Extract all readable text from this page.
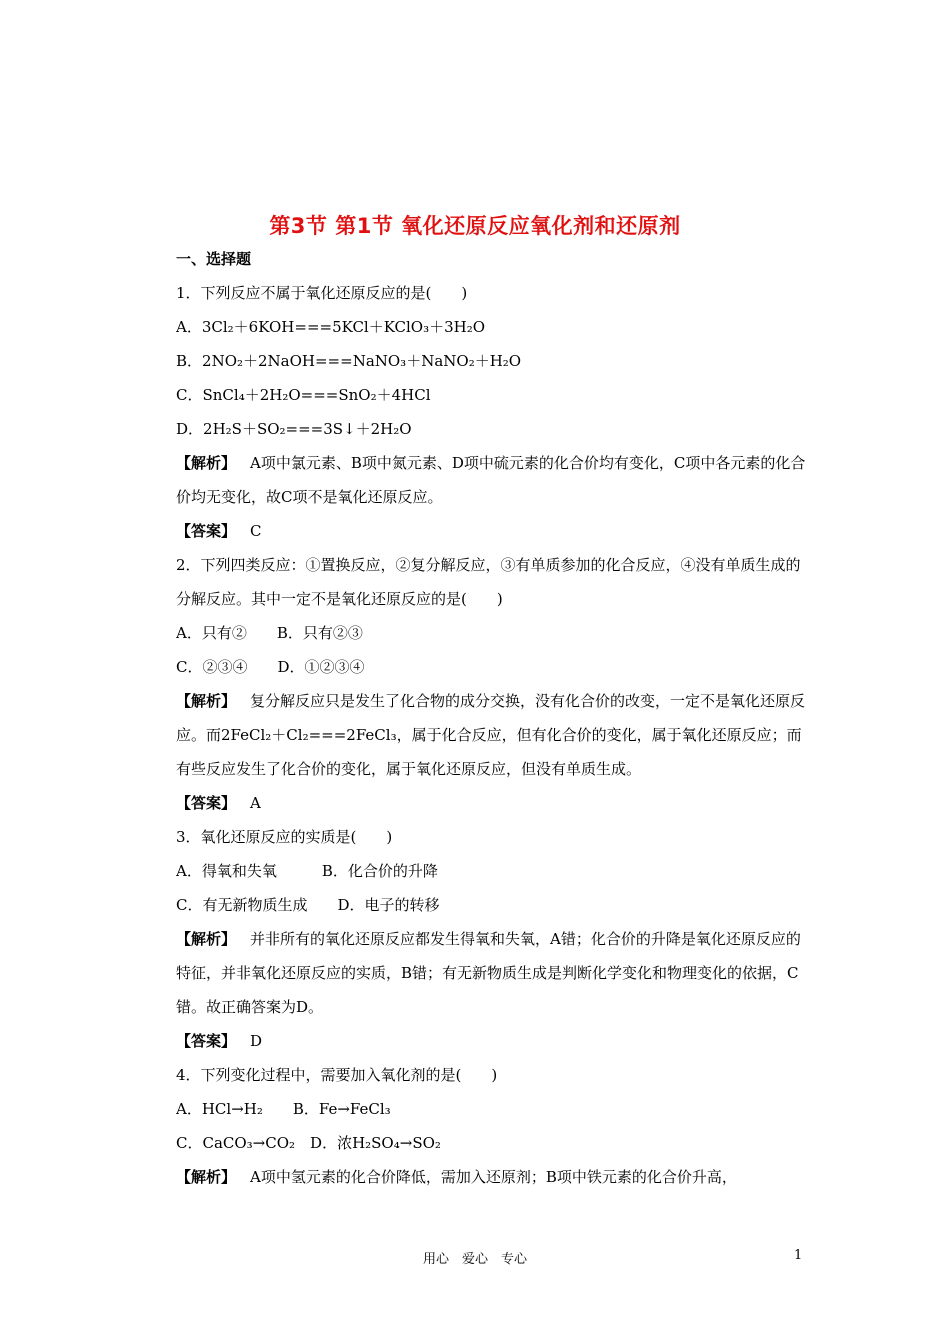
第3节 第1节 氧化还原反应氧化剂和还原剂
一、选择题
1．下列反应不属于氧化还原反应的是(　　)
A．3Cl₂＋6KOH===5KCl＋KClO₃＋3H₂O
B．2NO₂＋2NaOH===NaNO₃＋NaNO₂＋H₂O
C．SnCl₄＋2H₂O===SnO₂＋4HCl
D．2H₂S＋SO₂===3S↓＋2H₂O
【解析】 A项中氯元素、B项中氮元素、D项中硫元素的化合价均有变化，C项中各元素的化合价均无变化，故C项不是氧化还原反应。
【答案】 C
2．下列四类反应：①置换反应，②复分解反应，③有单质参加的化合反应，④没有单质生成的分解反应。其中一定不是氧化还原反应的是(　　)
A．只有②　　B．只有②③
C．②③④　　D．①②③④
【解析】 复分解反应只是发生了化合物的成分交换，没有化合价的改变，一定不是氧化还原反应。而2FeCl₂＋Cl₂===2FeCl₃，属于化合反应，但有化合价的变化，属于氧化还原反应；而有些反应发生了化合价的变化，属于氧化还原反应，但没有单质生成。
【答案】 A
3．氧化还原反应的实质是(　　)
A．得氧和失氧　　　B．化合价的升降
C．有无新物质生成　　D．电子的转移
【解析】 并非所有的氧化还原反应都发生得氧和失氧，A错；化合价的升降是氧化还原反应的特征，并非氧化还原反应的实质，B错；有无新物质生成是判断化学变化和物理变化的依据，C错。故正确答案为D。
【答案】 D
4．下列变化过程中，需要加入氧化剂的是(　　)
A．HCl→H₂　　B．Fe→FeCl₃
C．CaCO₃→CO₂　D．浓H₂SO₄→SO₂
【解析】 A项中氢元素的化合价降低，需加入还原剂；B项中铁元素的化合价升高，
用心　爱心　专心	1
